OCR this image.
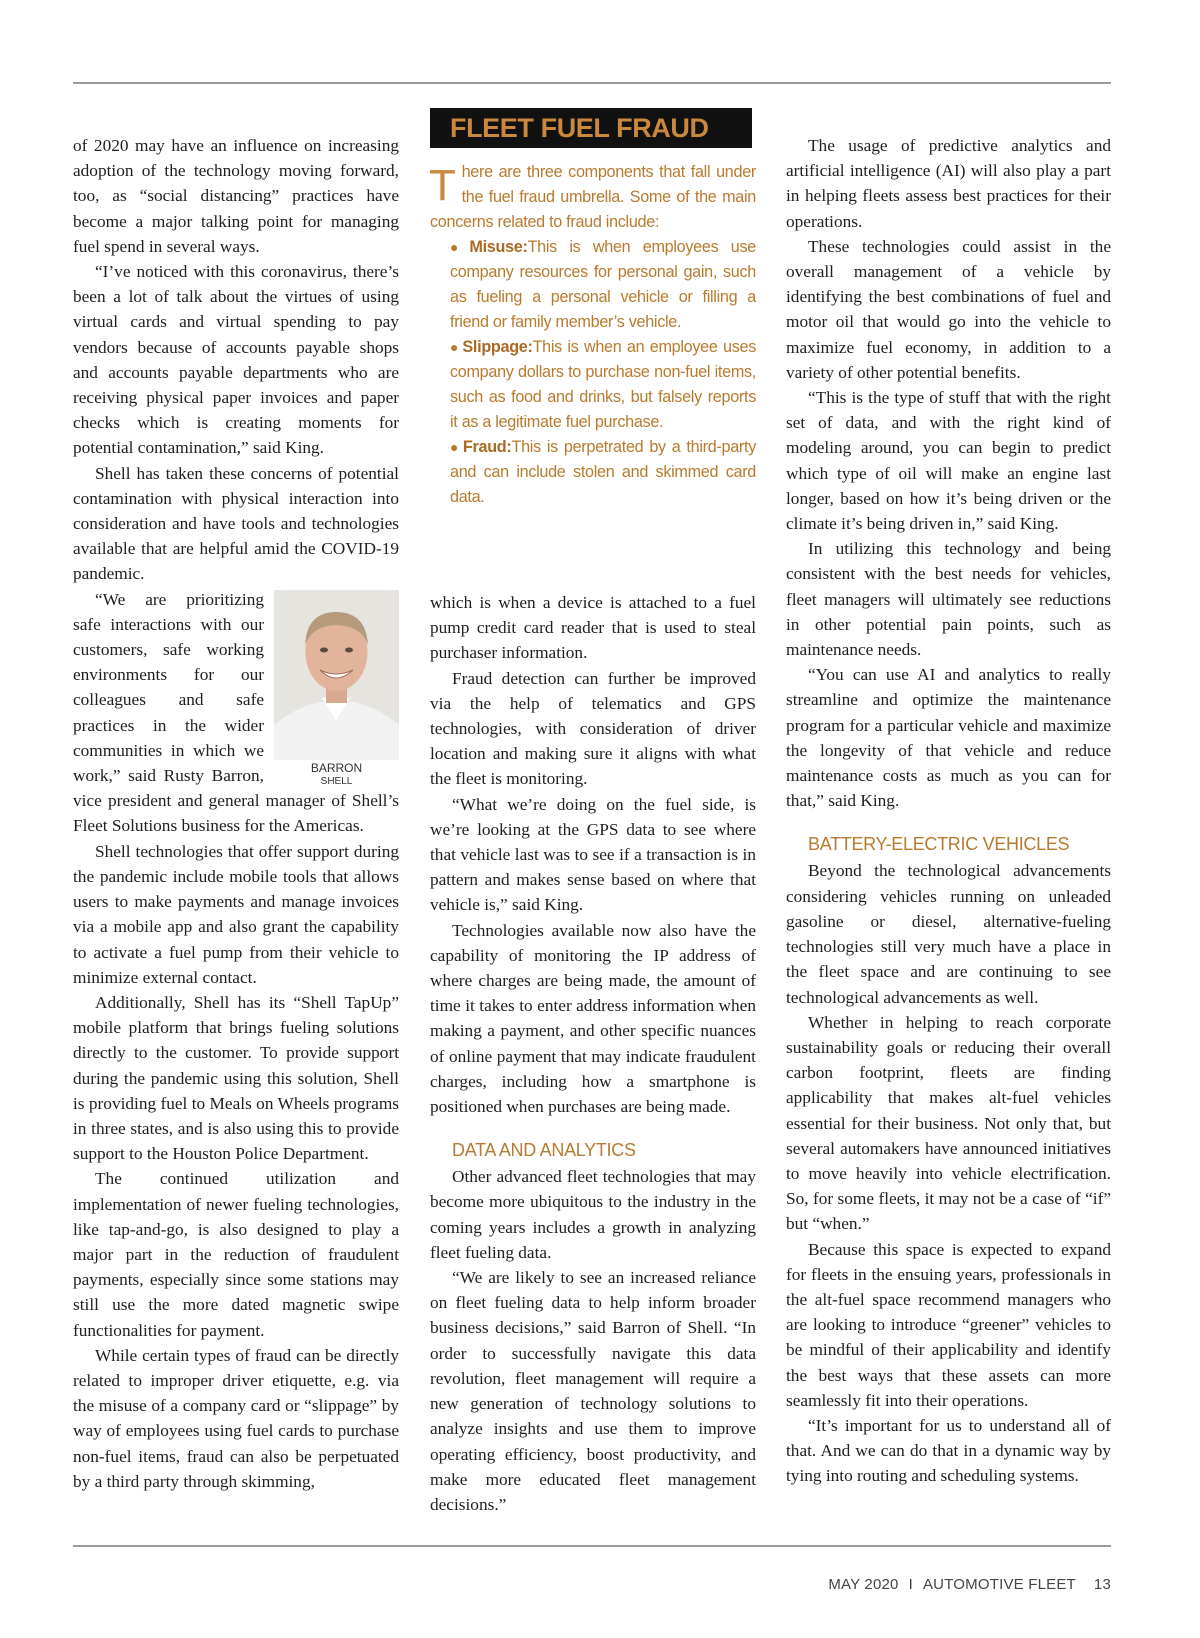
of 2020 may have an influence on increasing adoption of the technology moving forward, too, as “social distancing” practices have become a major talking point for managing fuel spend in several ways.

“I’ve noticed with this coronavirus, there’s been a lot of talk about the virtues of using virtual cards and virtual spending to pay vendors because of accounts payable shops and accounts payable departments who are receiving physical paper invoices and paper checks which is creating moments for potential contamination,” said King.

Shell has taken these concerns of potential contamination with physical interaction into consideration and have tools and technologies available that are helpful amid the COVID-19 pandemic.

BARRON
SHELL

“We are prioritizing safe interactions with our customers, safe working environments for our colleagues and safe practices in the wider communities in which we work,” said Rusty Barron, vice president and general manager of Shell’s Fleet Solutions business for the Americas.

Shell technologies that offer support during the pandemic include mobile tools that allows users to make payments and manage invoices via a mobile app and also grant the capability to activate a fuel pump from their vehicle to minimize external contact.

Additionally, Shell has its “Shell TapUp” mobile platform that brings fueling solutions directly to the customer. To provide support during the pandemic using this solution, Shell is providing fuel to Meals on Wheels programs in three states, and is also using this to provide support to the Houston Police Department.

The continued utilization and implementation of newer fueling technologies, like tap-and-go, is also designed to play a major part in the reduction of fraudulent payments, especially since some stations may still use the more dated magnetic swipe functionalities for payment.

While certain types of fraud can be directly related to improper driver etiquette, e.g. via the misuse of a company card or “slippage” by way of employees using fuel cards to purchase non-fuel items, fraud can also be perpetuated by a third party through skimming,

FLEET FUEL FRAUD
There are three components that fall under the fuel fraud umbrella. Some of the main concerns related to fraud include:
● Misuse:This is when employees use company resources for personal gain, such as fueling a personal vehicle or filling a friend or family member’s vehicle.
● Slippage:This is when an employee uses company dollars to purchase non-fuel items, such as food and drinks, but falsely reports it as a legitimate fuel purchase.
● Fraud:This is perpetrated by a third-party and can include stolen and skimmed card data.

which is when a device is attached to a fuel pump credit card reader that is used to steal purchaser information.

Fraud detection can further be improved via the help of telematics and GPS technologies, with consideration of driver location and making sure it aligns with what the fleet is monitoring.

“What we’re doing on the fuel side, is we’re looking at the GPS data to see where that vehicle last was to see if a transaction is in pattern and makes sense based on where that vehicle is,” said King.

Technologies available now also have the capability of monitoring the IP address of where charges are being made, the amount of time it takes to enter address information when making a payment, and other specific nuances of online payment that may indicate fraudulent charges, including how a smartphone is positioned when purchases are being made.

DATA AND ANALYTICS

Other advanced fleet technologies that may become more ubiquitous to the industry in the coming years includes a growth in analyzing fleet fueling data.

“We are likely to see an increased reliance on fleet fueling data to help inform broader business decisions,” said Barron of Shell. “In order to successfully navigate this data revolution, fleet management will require a new generation of technology solutions to analyze insights and use them to improve operating efficiency, boost productivity, and make more educated fleet management decisions.”

The usage of predictive analytics and artificial intelligence (AI) will also play a part in helping fleets assess best practices for their operations.

These technologies could assist in the overall management of a vehicle by identifying the best combinations of fuel and motor oil that would go into the vehicle to maximize fuel economy, in addition to a variety of other potential benefits.

“This is the type of stuff that with the right set of data, and with the right kind of modeling around, you can begin to predict which type of oil will make an engine last longer, based on how it’s being driven or the climate it’s being driven in,” said King.

In utilizing this technology and being consistent with the best needs for vehicles, fleet managers will ultimately see reductions in other potential pain points, such as maintenance needs.

“You can use AI and analytics to really streamline and optimize the maintenance program for a particular vehicle and maximize the longevity of that vehicle and reduce maintenance costs as much as you can for that,” said King.

BATTERY-ELECTRIC VEHICLES

Beyond the technological advancements considering vehicles running on unleaded gasoline or diesel, alternative-fueling technologies still very much have a place in the fleet space and are continuing to see technological advancements as well.

Whether in helping to reach corporate sustainability goals or reducing their overall carbon footprint, fleets are finding applicability that makes alt-fuel vehicles essential for their business. Not only that, but several automakers have announced initiatives to move heavily into vehicle electrification. So, for some fleets, it may not be a case of “if” but “when.”

Because this space is expected to expand for fleets in the ensuing years, professionals in the alt-fuel space recommend managers who are looking to introduce “greener” vehicles to be mindful of their applicability and identify the best ways that these assets can more seamlessly fit into their operations.

“It’s important for us to understand all of that. And we can do that in a dynamic way by tying into routing and scheduling systems.

MAY 2020 I AUTOMOTIVE FLEET 13
